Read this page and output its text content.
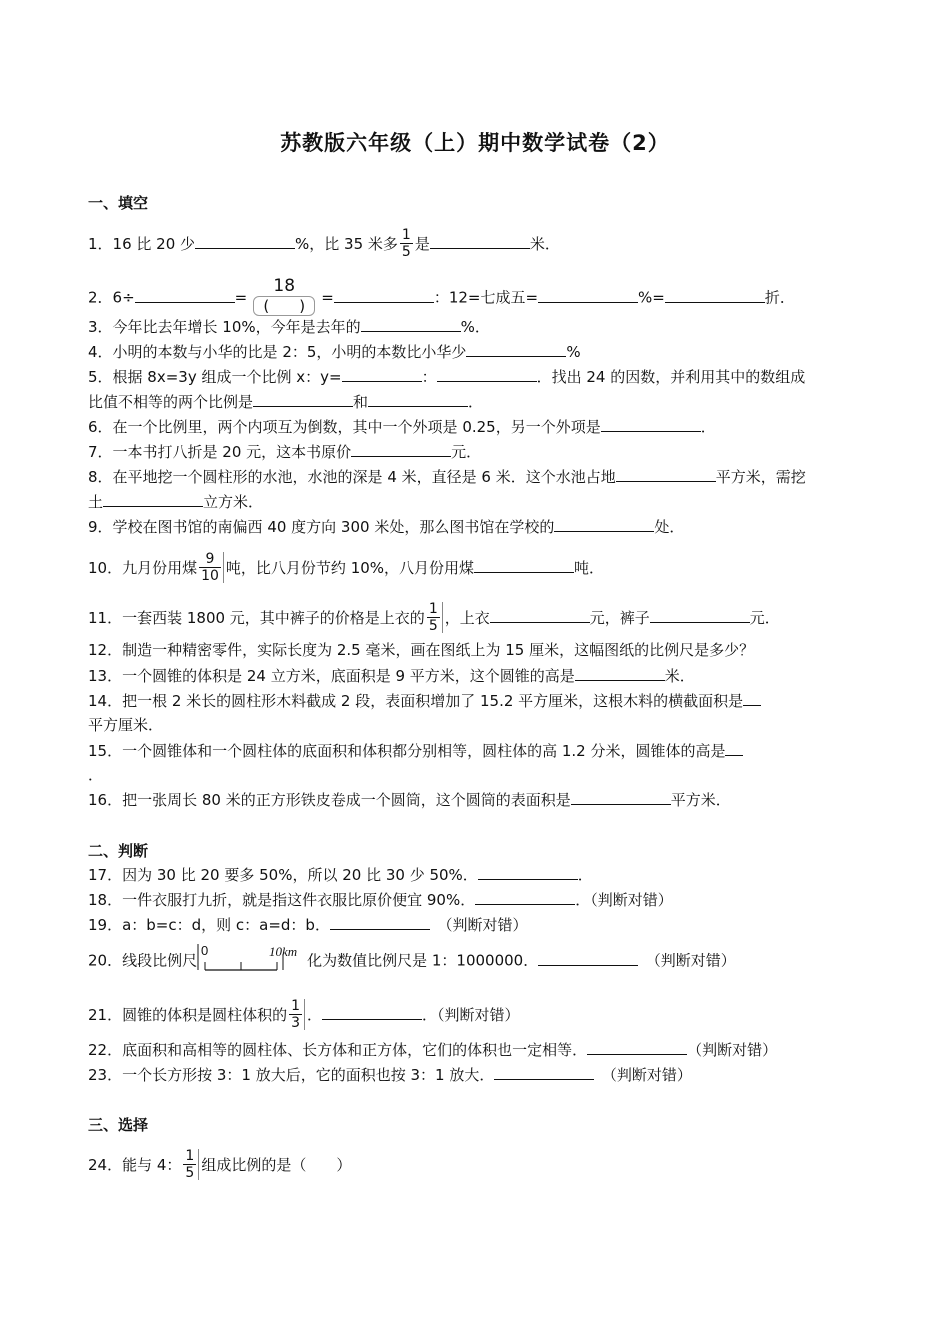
苏教版六年级（上）期中数学试卷（2）
一、填空
1．16 比 20 少	%，比 35 米多 $\frac{1}{5}$ 是	米．
2．6÷	=
18
(　　)	=	：12=七成五=	%=	折．
3．今年比去年增长 10%，今年是去年的	%．
4．小明的本数与小华的比是 2：5，小明的本数比小华少	%
5．根据 8x=3y 组成一个比例 x：y=	：	．找出 24 的因数，并利用其中的数组成
比值不相等的两个比例是	和	．
6．在一个比例里，两个内项互为倒数，其中一个外项是 0.25，另一个外项是	．
7．一本书打八折是 20 元，这本书原价	元．
8．在平地挖一个圆柱形的水池，水池的深是 4 米，直径是 6 米．这个水池占地	平方米，需挖
土	立方米．
9．学校在图书馆的南偏西 40 度方向 300 米处，那么图书馆在学校的	处．
10．九月份用煤 $\frac{9}{10}$ 吨，比八月份节约 10%，八月份用煤	吨．
11．一套西装 1800 元，其中裤子的价格是上衣的 $\frac{1}{5}$ ，上衣	元，裤子	元．
12．制造一种精密零件，实际长度为 2.5 毫米，画在图纸上为 15 厘米，这幅图纸的比例尺是多少？
13．一个圆锥的体积是 24 立方米，底面积是 9 平方米，这个圆锥的高是	米．
14．把一根 2 米长的圆柱形木料截成 2 段，表面积增加了 15.2 平方厘米，这根木料的横截面积是
平方厘米．
15．一个圆锥体和一个圆柱体的底面积和体积都分别相等，圆柱体的高 1.2 分米，圆锥体的高是
．
16．把一张周长 80 米的正方形铁皮卷成一个圆筒，这个圆筒的表面积是	平方米．
二、判断
17．因为 30 比 20 要多 50%，所以 20 比 30 少 50%．	．
18．一件衣服打九折，就是指这件衣服比原价便宜 90%．	．（判断对错）
19．a：b=c：d，则 c：a=d：b．　	（判断对错）
20．线段比例尺
0	10km 化为数值比例尺是 1：1000000．　	（判断对错）
21．圆锥的体积是圆柱体积的 $\frac{1}{3}$ ．	．（判断对错）
22．底面积和高相等的圆柱体、长方体和正方体，它们的体积也一定相等．	（判断对错）
23．一个长方形按 3：1 放大后，它的面积也按 3：1 放大．　	（判断对错）
三、选择
24．能与 4： $\frac{1}{5}$ 组成比例的是（　　）
